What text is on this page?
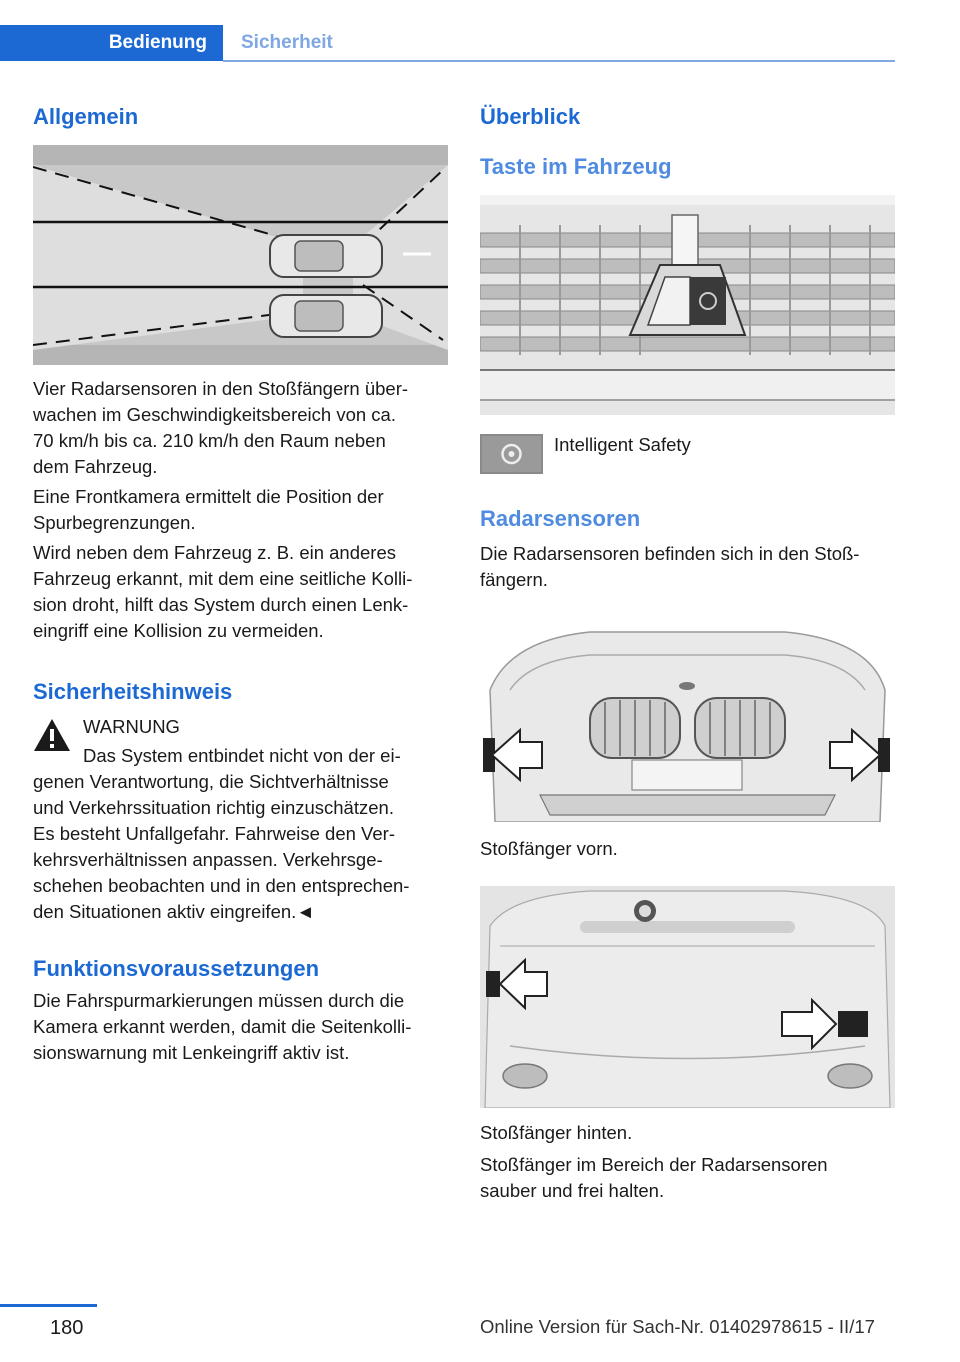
Bedienung	Sicherheit
Allgemein
Vier Radarsensoren in den Stoßfängern über‐
wachen im Geschwindigkeitsbereich von ca.
70 km/h bis ca. 210 km/h den Raum neben
dem Fahrzeug.
Eine Frontkamera ermittelt die Position der
Spurbegrenzungen.
Wird neben dem Fahrzeug z. B. ein anderes
Fahrzeug erkannt, mit dem eine seitliche Kolli‐
sion droht, hilft das System durch einen Lenk‐
eingriff eine Kollision zu vermeiden.
Sicherheitshinweis
WARNUNG
Das System entbindet nicht von der ei‐
genen Verantwortung, die Sichtverhältnisse
und Verkehrssituation richtig einzuschätzen.
Es besteht Unfallgefahr. Fahrweise den Ver‐
kehrsverhältnissen anpassen. Verkehrsge‐
schehen beobachten und in den entsprechen‐
den Situationen aktiv eingreifen.◄
Funktionsvoraussetzungen
Die Fahrspurmarkierungen müssen durch die
Kamera erkannt werden, damit die Seitenkolli‐
sionswarnung mit Lenkeingriff aktiv ist.
Überblick
Taste im Fahrzeug
Intelligent Safety
Radarsensoren
Die Radarsensoren befinden sich in den Stoß‐
fängern.
Stoßfänger vorn.
Stoßfänger hinten.
Stoßfänger im Bereich der Radarsensoren
sauber und frei halten.
180	Online Version für Sach-Nr. 01402978615 - II/17
